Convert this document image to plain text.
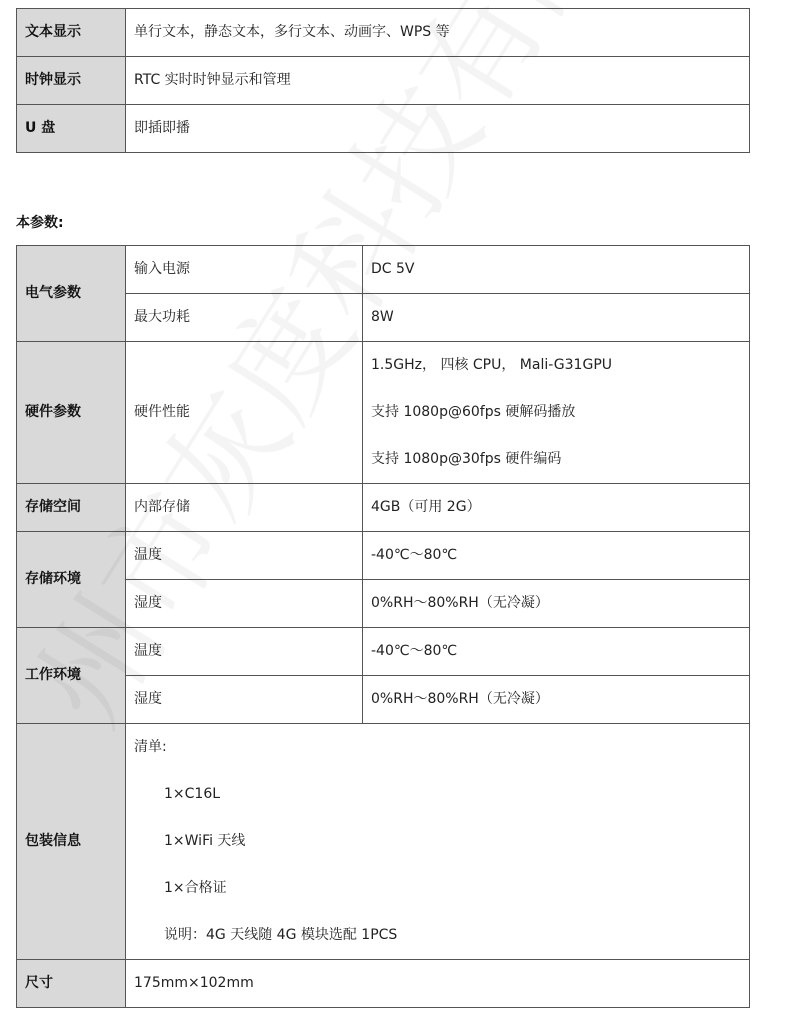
文本显示	单行文本，静态文本，多行文本、动画字、WPS 等
时钟显示	RTC 实时时钟显示和管理
U 盘	即插即播
本参数:
电气参数	输入电源	DC 5V
	最大功耗	8W
硬件参数	硬件性能	1.5GHz， 四核 CPU， Mali-G31GPU

支持 1080p@60fps 硬解码播放

支持 1080p@30fps 硬件编码

存储空间	内部存储	4GB（可用 2G）
存储环境	温度	-40℃～80℃
	湿度	0%RH～80%RH（无冷凝）
工作环境	温度	-40℃～80℃
	湿度	0%RH～80%RH（无冷凝）
包装信息	清单:

1×C16L

1×WiFi 天线

1×合格证

说明：4G 天线随 4G 模块选配 1PCS	

尺寸	175mm×102mm	
